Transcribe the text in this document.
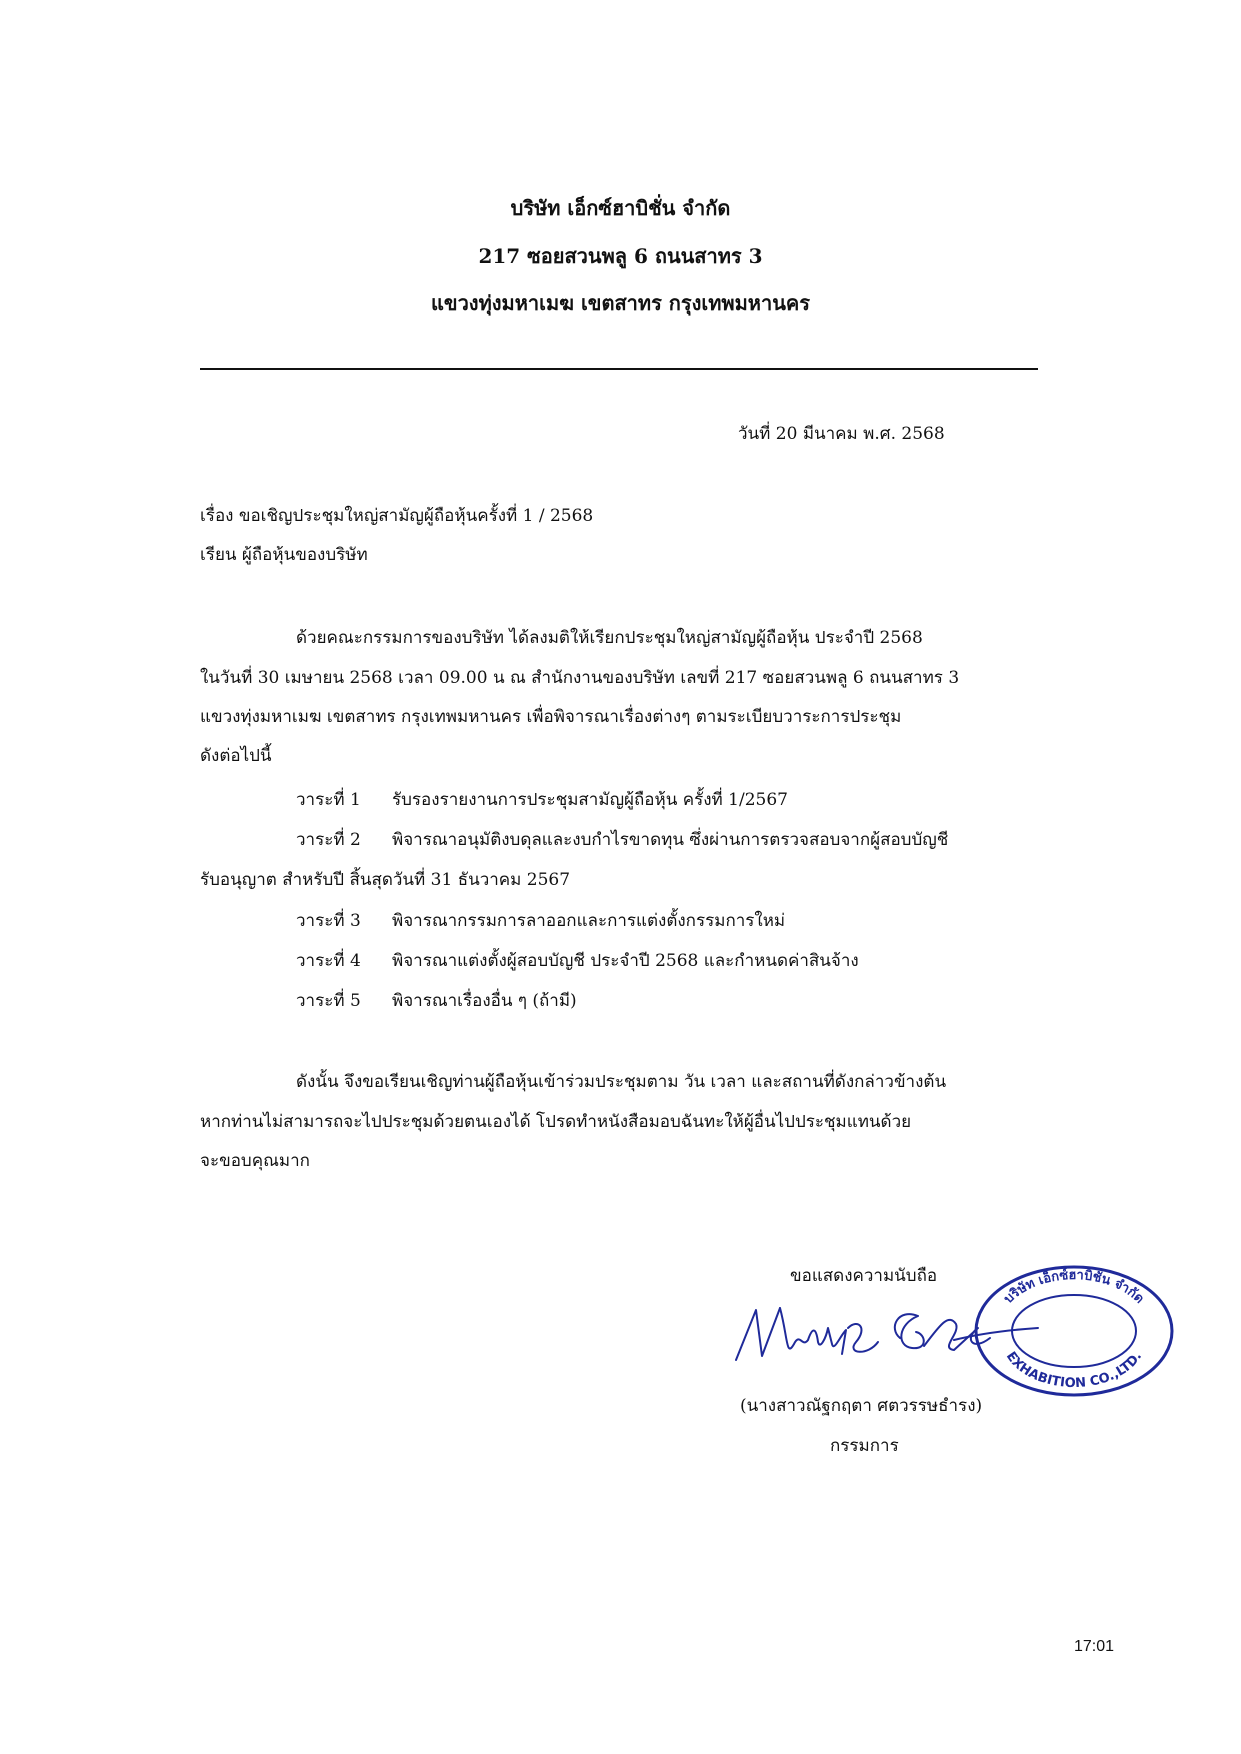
บริษัท เอ็กซ์ฮาบิชั่น จำกัด
217 ซอยสวนพลู 6 ถนนสาทร 3
แขวงทุ่งมหาเมฆ เขตสาทร กรุงเทพมหานคร
วันที่ 20 มีนาคม พ.ศ. 2568
เรื่อง ขอเชิญประชุมใหญ่สามัญผู้ถือหุ้นครั้งที่ 1 / 2568
เรียน ผู้ถือหุ้นของบริษัท
ด้วยคณะกรรมการของบริษัท ได้ลงมติให้เรียกประชุมใหญ่สามัญผู้ถือหุ้น ประจำปี 2568
ในวันที่ 30 เมษายน 2568 เวลา 09.00 น ณ สำนักงานของบริษัท เลขที่ 217 ซอยสวนพลู 6 ถนนสาทร 3
แขวงทุ่งมหาเมฆ เขตสาทร กรุงเทพมหานคร เพื่อพิจารณาเรื่องต่างๆ ตามระเบียบวาระการประชุม
ดังต่อไปนี้
วาระที่ 1 รับรองรายงานการประชุมสามัญผู้ถือหุ้น ครั้งที่ 1/2567
วาระที่ 2 พิจารณาอนุมัติงบดุลและงบกำไรขาดทุน ซึ่งผ่านการตรวจสอบจากผู้สอบบัญชี
รับอนุญาต สำหรับปี สิ้นสุดวันที่ 31 ธันวาคม 2567
วาระที่ 3 พิจารณากรรมการลาออกและการแต่งตั้งกรรมการใหม่
วาระที่ 4 พิจารณาแต่งตั้งผู้สอบบัญชี ประจำปี 2568 และกำหนดค่าสินจ้าง
วาระที่ 5 พิจารณาเรื่องอื่น ๆ (ถ้ามี)
ดังนั้น จึงขอเรียนเชิญท่านผู้ถือหุ้นเข้าร่วมประชุมตาม วัน เวลา และสถานที่ดังกล่าวข้างต้น
หากท่านไม่สามารถจะไปประชุมด้วยตนเองได้ โปรดทำหนังสือมอบฉันทะให้ผู้อื่นไปประชุมแทนด้วย
จะขอบคุณมาก
ขอแสดงความนับถือ
บริษัท เอ็กซ์ฮาบิชั่น จำกัด
EXHABITION CO.,LTD.
(นางสาวณัฐกฤตา ศตวรรษธำรง)
กรรมการ
17:01
